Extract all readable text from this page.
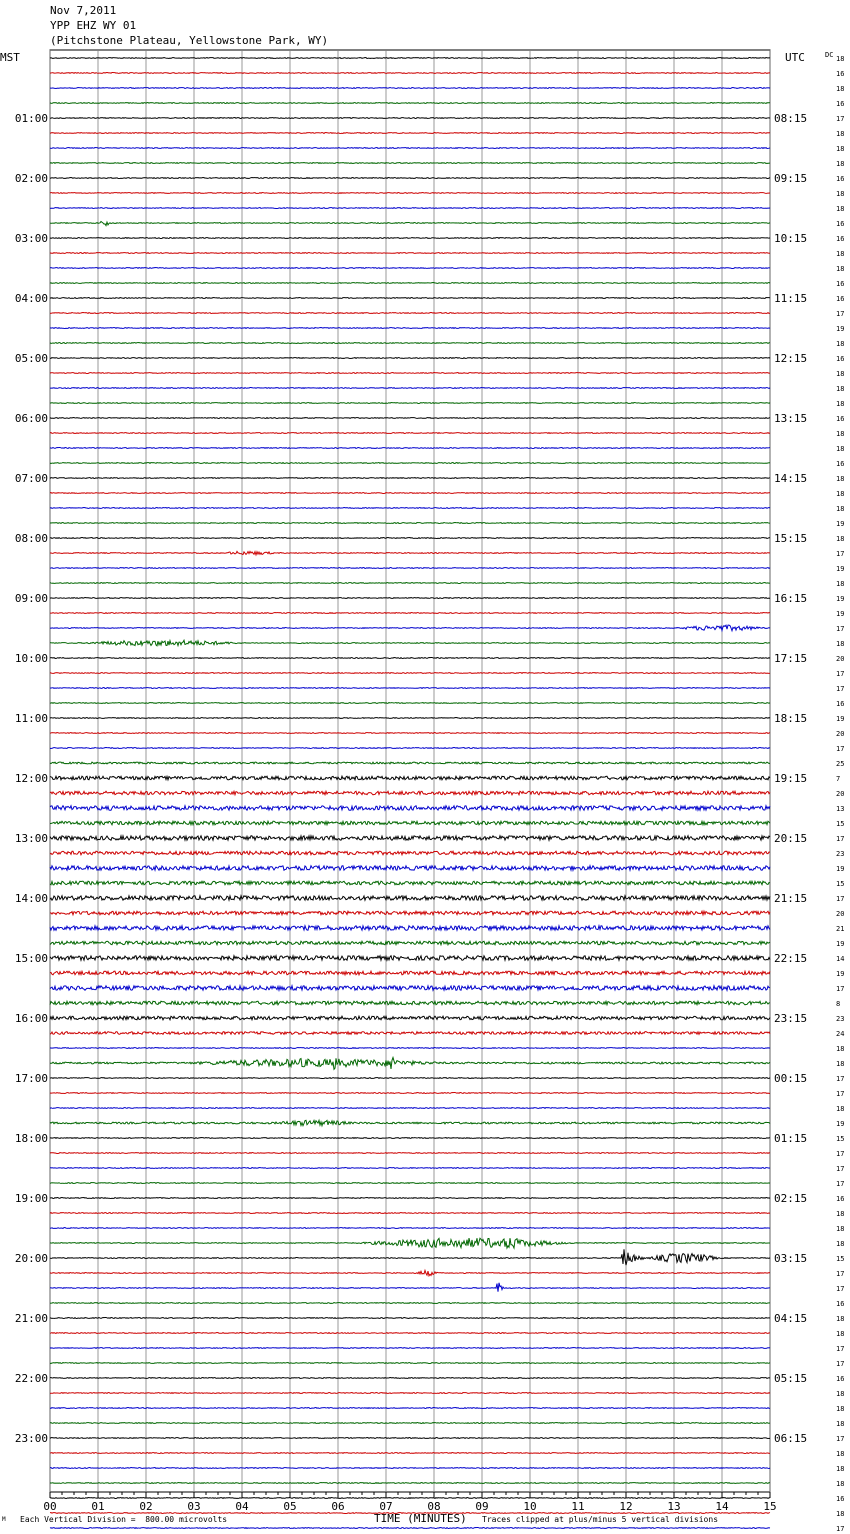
Nov 7,2011
YPP EHZ WY 01
(Pitchstone Plateau, Yellowstone Park, WY)
00	01	02	03	04	05	06	07	08	09	10	11	12	13	14	15
18
16
18
16
17
18
18
18
16
18
18
16
16
18
18
16
16
17
19
18
16
18
18
18
16
18
18
16
18
18
18
19
18
17
19
18
19
19
17
18
20
17
17
16
19
20
17
25
7
20
13
15
17
23
19
15
17
20
21
19
14
19
17
8
23
24
18
18
17
17
18
19
15
17
17
17
16
18
18
18
15
17
17
16
18
18
17
17
16
18
18
18
17
18
18
18
16
18
17
01:00
02:00
03:00
04:00
05:00
06:00
07:00
08:00
09:00
10:00
11:00
12:00
13:00
14:00
15:00
16:00
17:00
18:00
19:00
20:00
21:00
22:00
23:00
08:15
09:15
10:15
11:15
12:15
13:15
14:15
15:15
16:15
17:15
18:15
19:15
20:15
21:15
22:15
23:15
00:15
01:15
02:15
03:15
04:15
05:15
06:15
MST	UTC	DC
M Each Vertical Division =  800.00 microvolts	TIME (MINUTES) Traces clipped at plus/minus 5 vertical divisions
